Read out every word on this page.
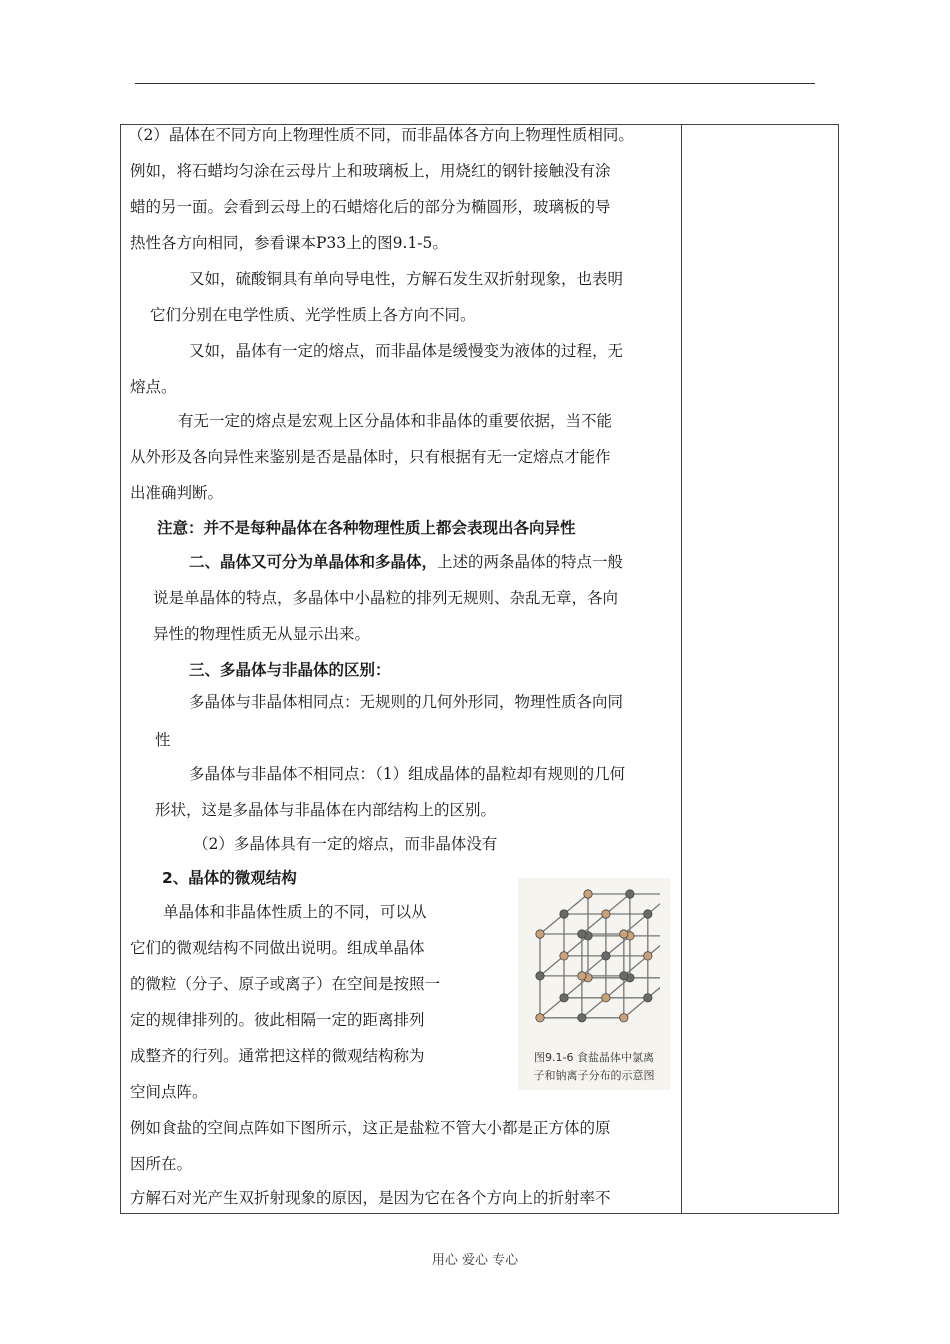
（2）晶体在不同方向上物理性质不同，而非晶体各方向上物理性质相同。
例如，将石蜡均匀涂在云母片上和玻璃板上，用烧红的钢针接触没有涂
蜡的另一面。会看到云母上的石蜡熔化后的部分为椭圆形，玻璃板的导
热性各方向相同，参看课本P33上的图9.1-5。
又如，硫酸铜具有单向导电性，方解石发生双折射现象，也表明
它们分别在电学性质、光学性质上各方向不同。
又如，晶体有一定的熔点，而非晶体是缓慢变为液体的过程，无
熔点。
有无一定的熔点是宏观上区分晶体和非晶体的重要依据，当不能
从外形及各向异性来鉴别是否是晶体时，只有根据有无一定熔点才能作
出准确判断。
注意：并不是每种晶体在各种物理性质上都会表现出各向异性
二、晶体又可分为单晶体和多晶体，上述的两条晶体的特点一般
说是单晶体的特点，多晶体中小晶粒的排列无规则、杂乱无章，各向
异性的物理性质无从显示出来。
三、多晶体与非晶体的区别：
多晶体与非晶体相同点：无规则的几何外形同，物理性质各向同
性
多晶体与非晶体不相同点：（1）组成晶体的晶粒却有规则的几何
形状，这是多晶体与非晶体在内部结构上的区别。
（2）多晶体具有一定的熔点，而非晶体没有
2、晶体的微观结构
单晶体和非晶体性质上的不同，可以从
它们的微观结构不同做出说明。组成单晶体
的微粒（分子、原子或离子）在空间是按照一
定的规律排列的。彼此相隔一定的距离排列
成整齐的行列。通常把这样的微观结构称为
空间点阵。
例如食盐的空间点阵如下图所示，这正是盐粒不管大小都是正方体的原
因所在。
方解石对光产生双折射现象的原因，是因为它在各个方向上的折射率不
图9.1-6 食盐晶体中氯离
子和钠离子分布的示意图
用心 爱心 专心
